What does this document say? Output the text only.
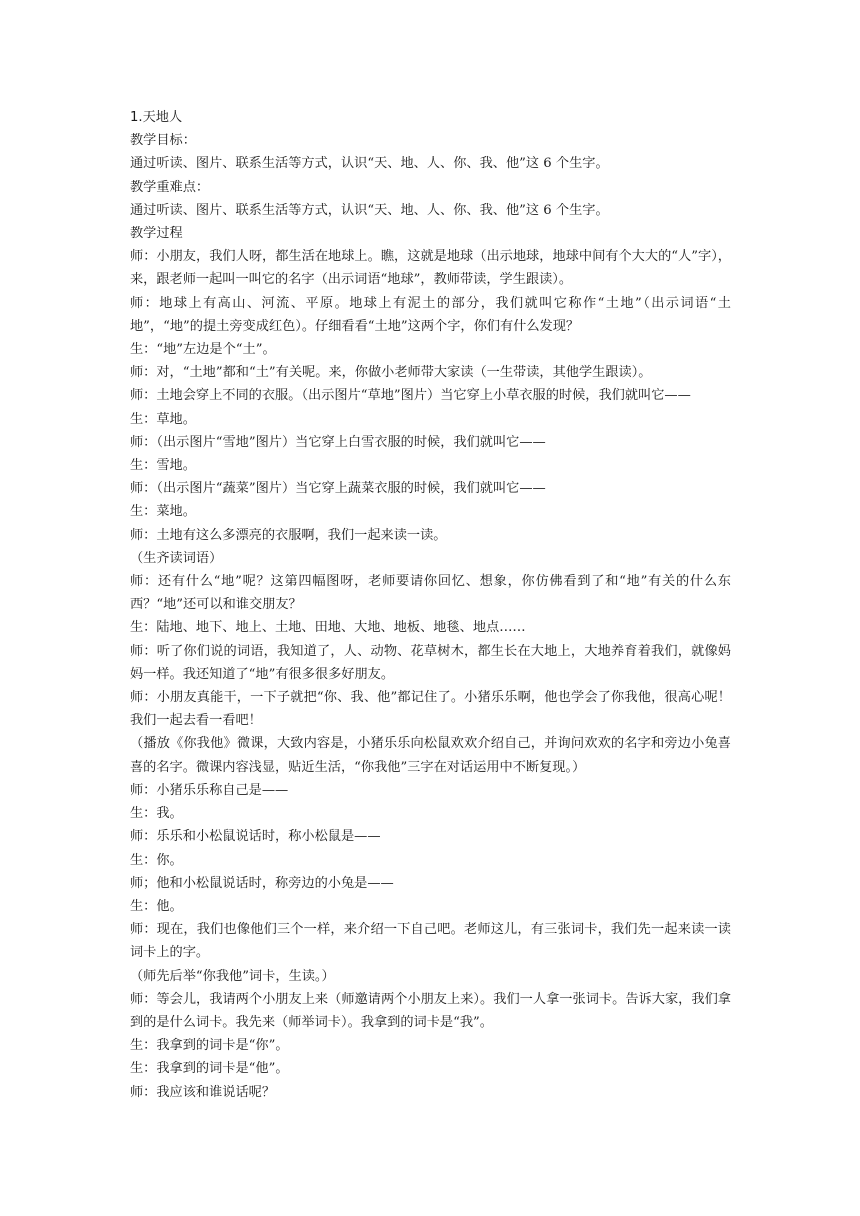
1.天地人

教学目标：

通过听读、图片、联系生活等方式，认识“天、地、人、你、我、他”这 6 个生字。

教学重难点：

通过听读、图片、联系生活等方式，认识“天、地、人、你、我、他”这 6 个生字。

教学过程

师：小朋友，我们人呀，都生活在地球上。瞧，这就是地球（出示地球，地球中间有个大大的“人”字），来，跟老师一起叫一叫它的名字（出示词语“地球”，教师带读，学生跟读）。

师：地球上有高山、河流、平原。地球上有泥土的部分，我们就叫它称作“土地”（出示词语“土地”，“地”的提土旁变成红色）。仔细看看“土地”这两个字，你们有什么发现？

生：“地”左边是个“土”。

师：对，“土地”都和“土”有关呢。来，你做小老师带大家读（一生带读，其他学生跟读）。

师：土地会穿上不同的衣服。（出示图片“草地”图片）当它穿上小草衣服的时候，我们就叫它——

生：草地。

师：（出示图片“雪地”图片）当它穿上白雪衣服的时候，我们就叫它——

生：雪地。

师：（出示图片“蔬菜”图片）当它穿上蔬菜衣服的时候，我们就叫它——

生：菜地。

师：土地有这么多漂亮的衣服啊，我们一起来读一读。

（生齐读词语）

师：还有什么“地”呢？这第四幅图呀，老师要请你回忆、想象，你仿佛看到了和“地”有关的什么东西？“地”还可以和谁交朋友？

生：陆地、地下、地上、土地、田地、大地、地板、地毯、地点……

师：听了你们说的词语，我知道了，人、动物、花草树木，都生长在大地上，大地养育着我们，就像妈妈一样。我还知道了“地”有很多很多好朋友。

师：小朋友真能干，一下子就把“你、我、他”都记住了。小猪乐乐啊，他也学会了你我他，很高心呢！我们一起去看一看吧！

（播放《你我他》微课，大致内容是，小猪乐乐向松鼠欢欢介绍自己，并询问欢欢的名字和旁边小兔喜喜的名字。微课内容浅显，贴近生活，“你我他”三字在对话运用中不断复现。）

师：小猪乐乐称自己是——

生：我。

师：乐乐和小松鼠说话时，称小松鼠是——

生：你。

师；他和小松鼠说话时，称旁边的小兔是——

生：他。

师：现在，我们也像他们三个一样，来介绍一下自己吧。老师这儿，有三张词卡，我们先一起来读一读词卡上的字。

（师先后举“你我他”词卡，生读。）

师：等会儿，我请两个小朋友上来（师邀请两个小朋友上来）。我们一人拿一张词卡。告诉大家，我们拿到的是什么词卡。我先来（师举词卡）。我拿到的词卡是“我”。

生：我拿到的词卡是“你”。

生：我拿到的词卡是“他”。

师：我应该和谁说话呢？
